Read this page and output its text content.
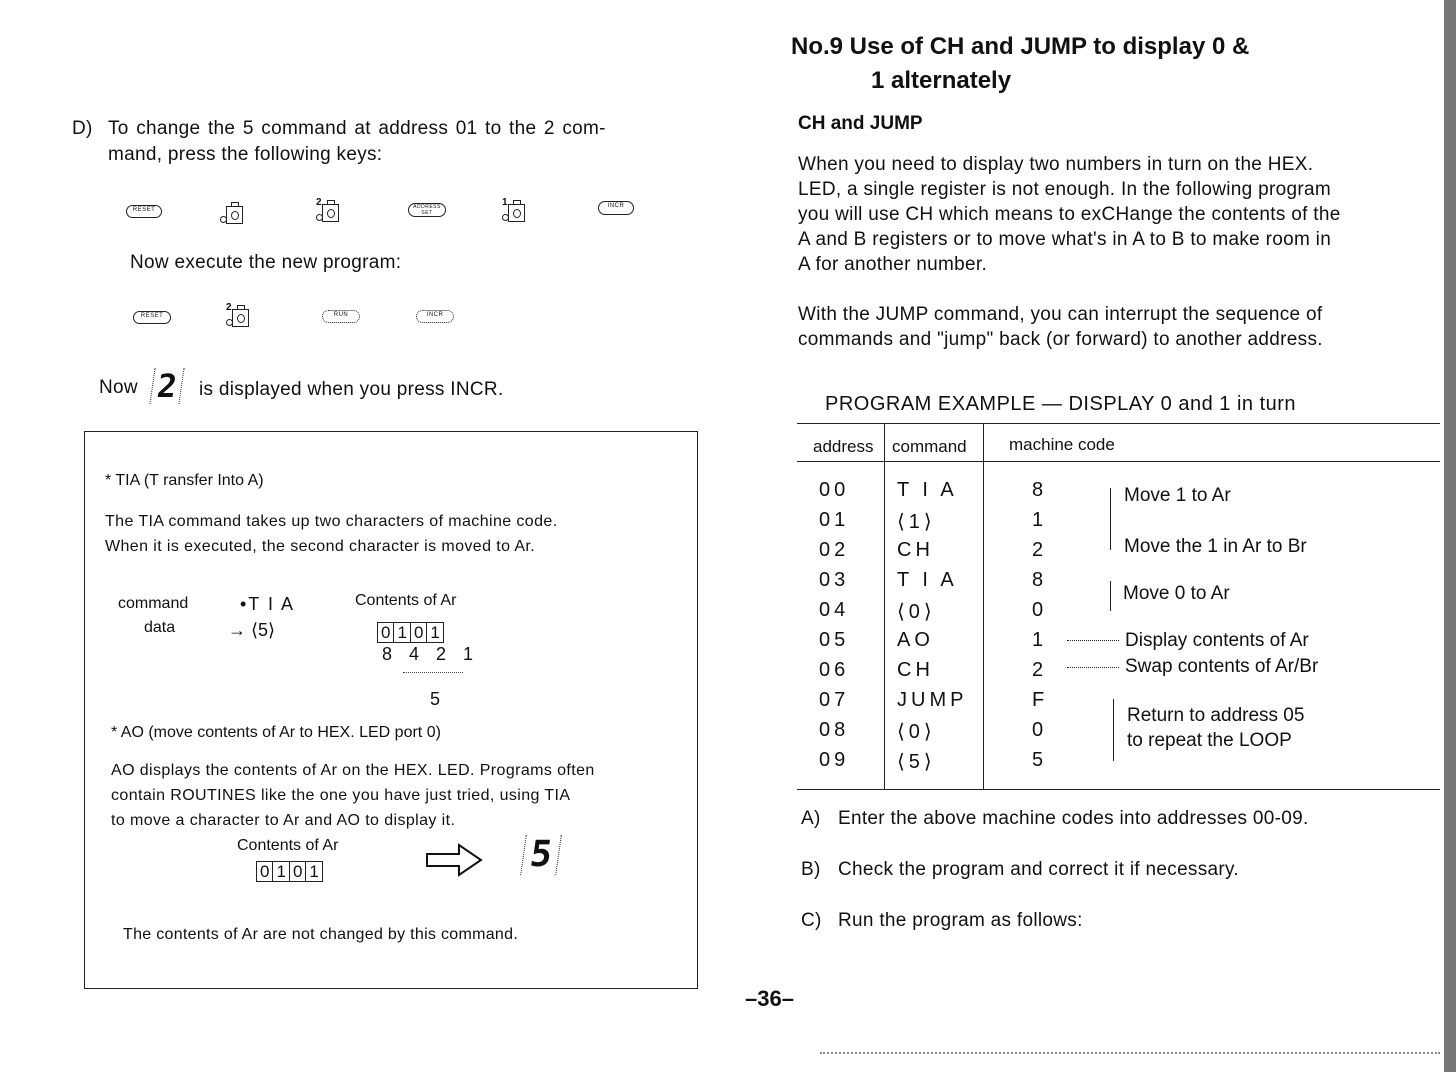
D) To change the 5 command at address 01 to the 2 com-
mand, press the following keys:
RESET
2	ADDRESS SET
1	INCR
Now execute the new program:
RESET
2
RUN	INCR
Now 2 is displayed when you press INCR.
* TIA (T ransfer Into A)
The TIA command takes up two characters of machine code.
When it is executed, the second character is moved to Ar.
command
data
•T I A
→ ⟨5⟩
Contents of Ar
0 1 0 1
8 4 2 1
5
* AO (move contents of Ar to HEX. LED port 0)
AO displays the contents of Ar on the HEX. LED. Programs often
contain ROUTINES like the one you have just tried, using TIA
to move a character to Ar and AO to display it.
Contents of Ar
0 1 0 1	5
The contents of Ar are not changed by this command.
–36–
No.9 Use of CH and JUMP to display 0 &
1 alternately
CH and JUMP
When you need to display two numbers in turn on the HEX.
LED, a single register is not enough. In the following program
you will use CH which means to exCHange the contents of the
A and B registers or to move what's in A to B to make room in
A for another number.
With the JUMP command, you can interrupt the sequence of
commands and "jump" back (or forward) to another address.
PROGRAM EXAMPLE — DISPLAY 0 and 1 in turn
address command machine code
00 T I A	8
01 ⟨1⟩	1
02 CH	2
03 T I A	8
04 ⟨0⟩	0
05 AO	1
06 CH	2
07 JUMP	F
08 ⟨0⟩	0
09 ⟨5⟩	5
Move 1 to Ar
Move the 1 in Ar to Br
Move 0 to Ar
Display contents of Ar
Swap contents of Ar/Br
Return to address 05
to repeat the LOOP
A) Enter the above machine codes into addresses 00-09.
B) Check the program and correct it if necessary.
C) Run the program as follows:
